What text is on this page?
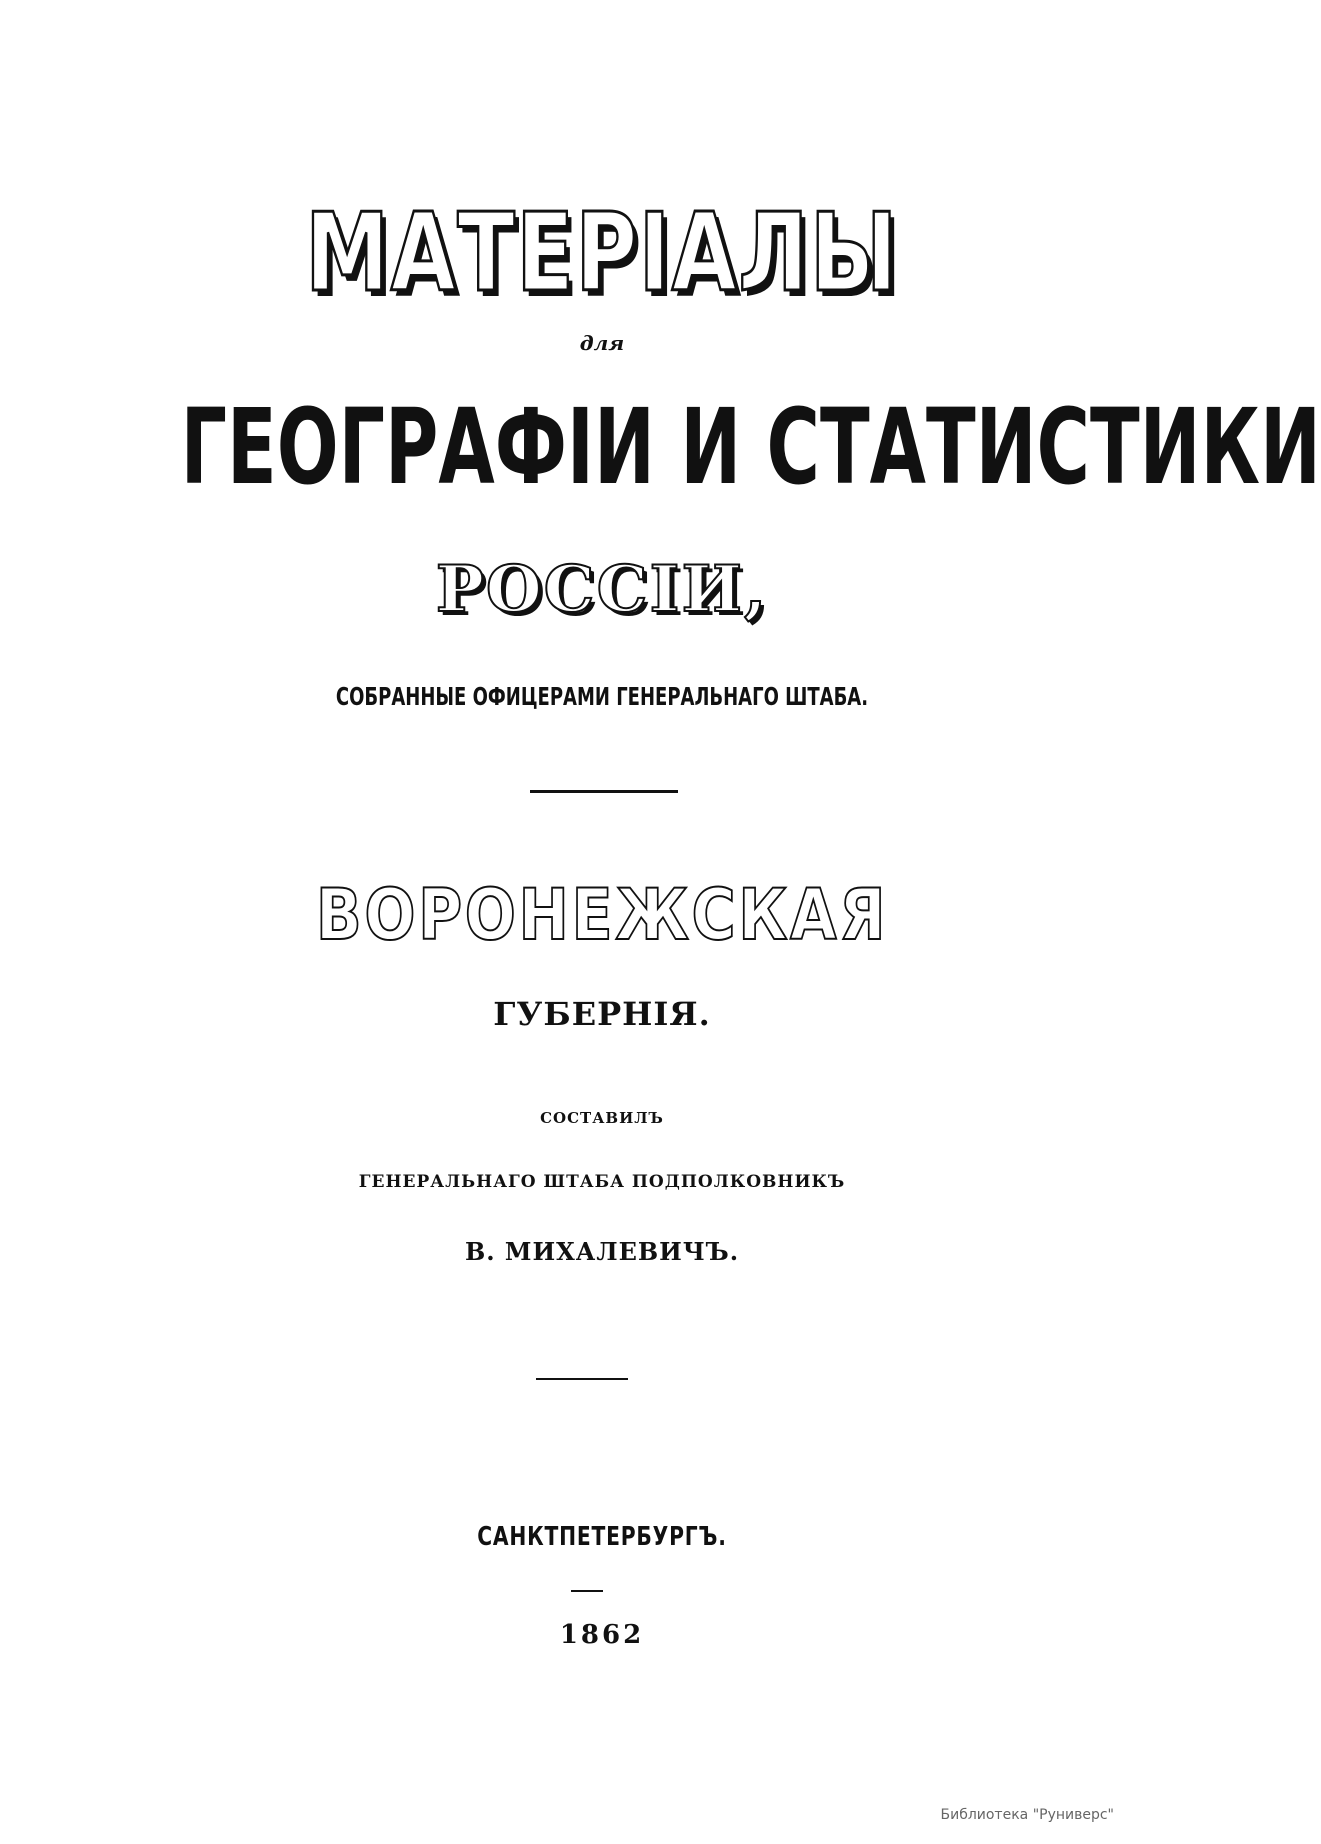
МАТЕРІАЛЫ
для
ГЕОГРАФІИ И СТАТИСТИКИ
РОССІИ,
СОБРАННЫЕ ОФИЦЕРАМИ ГЕНЕРАЛЬНАГО ШТАБА.
ВОРОНЕЖСКАЯ
ГУБЕРНІЯ.
СОСТАВИЛЪ
ГЕНЕРАЛЬНАГО ШТАБА ПОДПОЛКОВНИКЪ
В. МИХАЛЕВИЧЪ.
САНКТПЕТЕРБУРГЪ.
1862
Библиотека "Руниверс"
